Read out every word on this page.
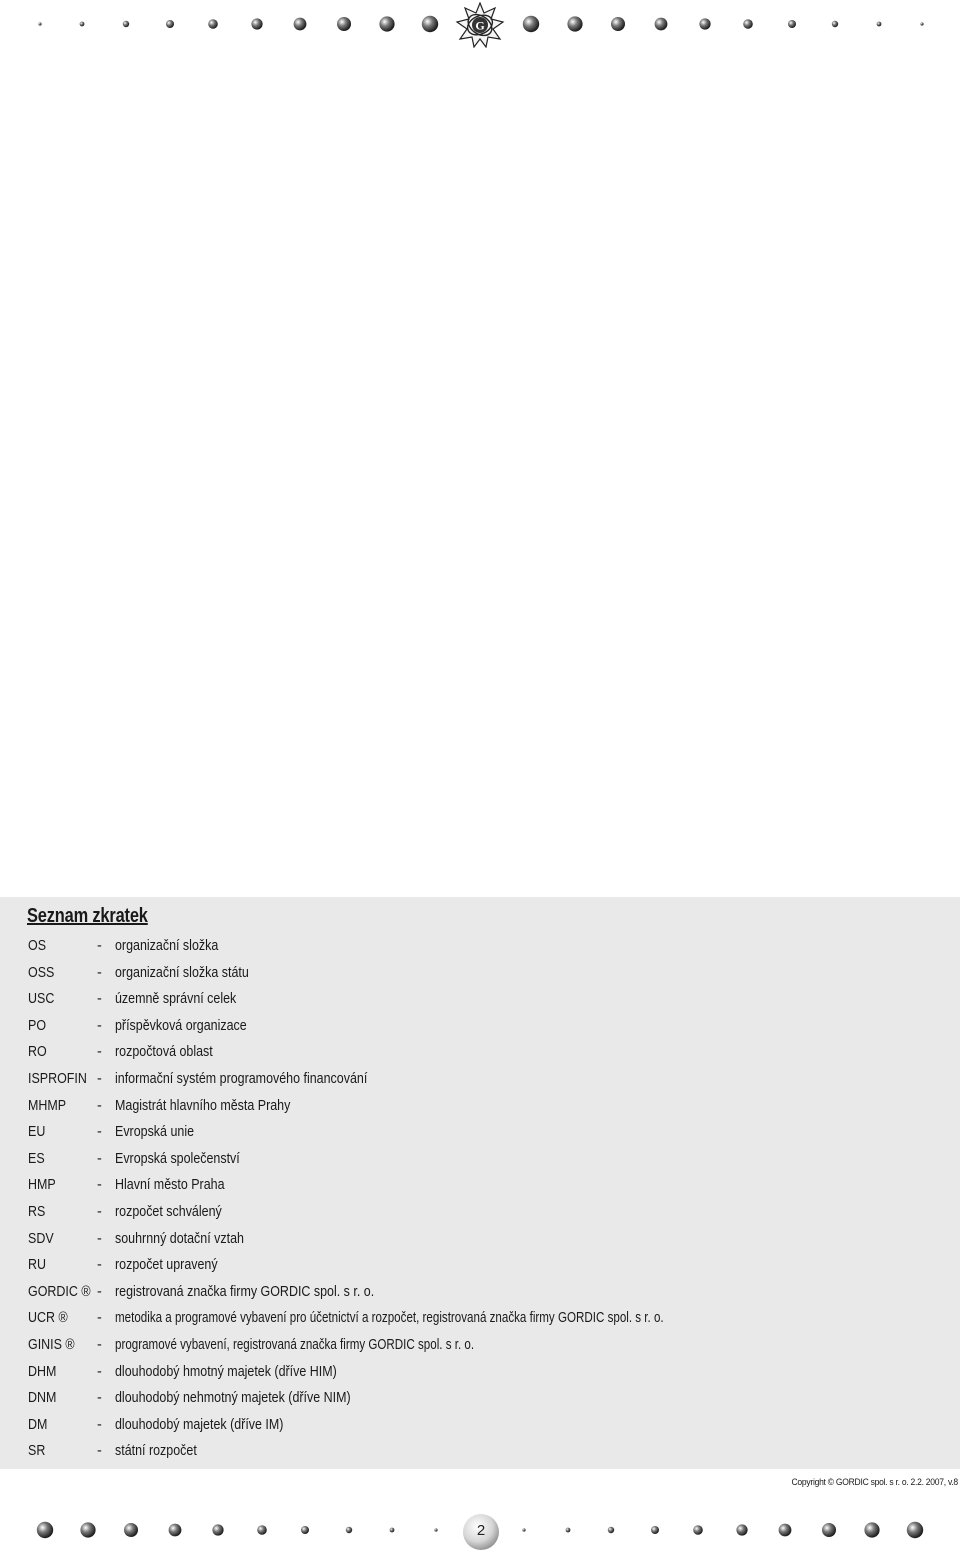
G
Seznam zkratek
OS	- organizační složka
OSS	- organizační složka státu
USC	- územně správní celek
PO	- příspěvková organizace
RO	- rozpočtová oblast
ISPROFIN - informační systém programového financování
MHMP - Magistrát hlavního města Prahy
EU	- Evropská unie
ES	- Evropská společenství
HMP	- Hlavní město Praha
RS	- rozpočet schválený
SDV	- souhrnný dotační vztah
RU	- rozpočet upravený
GORDIC ® - registrovaná značka firmy GORDIC spol. s r. o.
UCR ® - metodika a programové vybavení pro účetnictví a rozpočet, registrovaná značka firmy GORDIC spol. s r. o.
GINIS ® - programové vybavení, registrovaná značka firmy GORDIC spol. s r. o.
DHM	- dlouhodobý hmotný majetek (dříve HIM)
DNM	- dlouhodobý nehmotný majetek (dříve NIM)
DM	- dlouhodobý majetek (dříve IM)
SR	- státní rozpočet
Copyright © GORDIC spol. s r. o. 2.2. 2007, v.8
2
